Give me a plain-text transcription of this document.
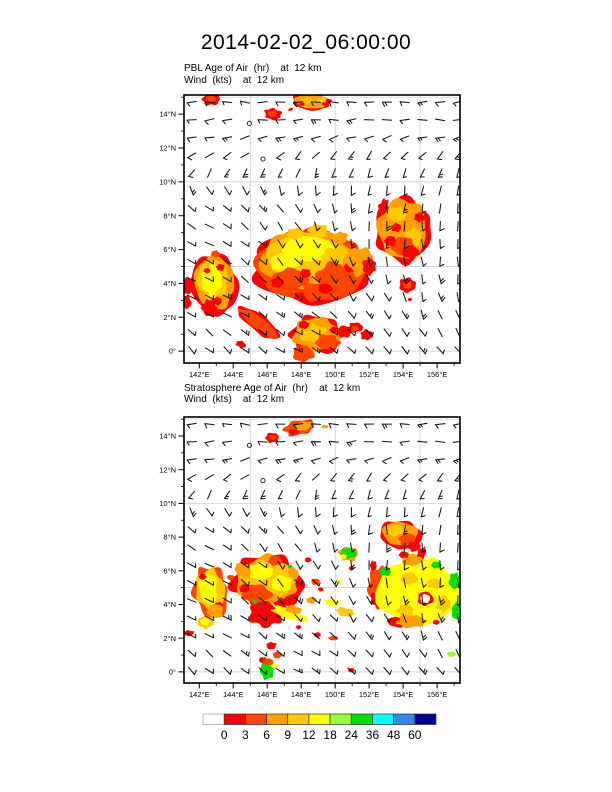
2014-02-02_06:00:00
PBL Age of Air  (hr)    at  12 km
Wind  (kts)    at  12 km
Stratosphere Age of Air  (hr)    at  12 km
Wind  (kts)    at  12 km
14°N
12°N
10°N
8°N
6°N
4°N
2°N
0°
142°E 144°E 146°E 148°E 150°E 152°E 154°E 156°E
14°N
12°N
10°N
8°N
6°N
4°N
2°N
0°
142°E 144°E 146°E 148°E 150°E 152°E 154°E 156°E
0 3 6 9 12 18 24 36 48 60
